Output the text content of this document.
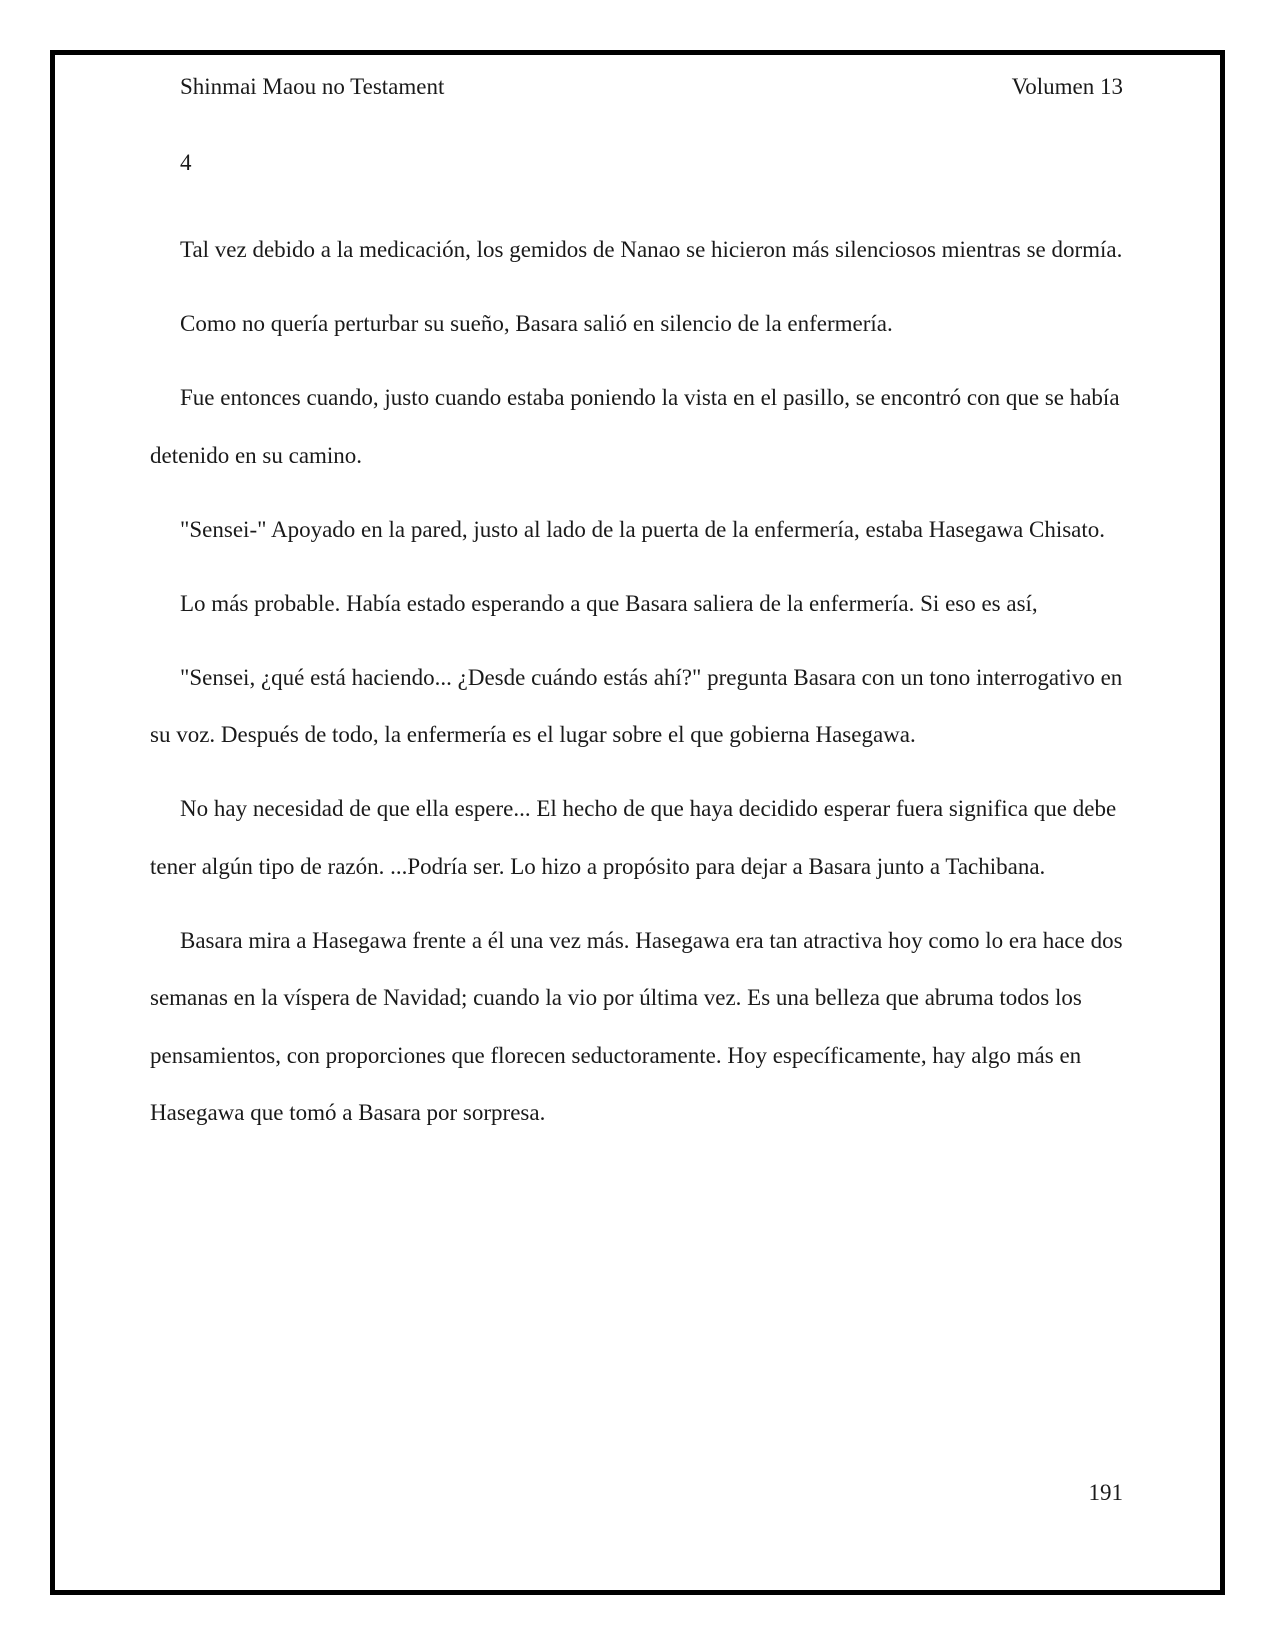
Shinmai Maou no Testament	Volumen 13
4

Tal vez debido a la medicación, los gemidos de Nanao se hicieron más silenciosos mientras se dormía.

Como no quería perturbar su sueño, Basara salió en silencio de la enfermería.

Fue entonces cuando, justo cuando estaba poniendo la vista en el pasillo, se encontró con que se había detenido en su camino.

"Sensei-" Apoyado en la pared, justo al lado de la puerta de la enfermería, estaba Hasegawa Chisato.

Lo más probable. Había estado esperando a que Basara saliera de la enfermería. Si eso es así,

"Sensei, ¿qué está haciendo... ¿Desde cuándo estás ahí?" pregunta Basara con un tono interrogativo en su voz. Después de todo, la enfermería es el lugar sobre el que gobierna Hasegawa.

No hay necesidad de que ella espere... El hecho de que haya decidido esperar fuera significa que debe tener algún tipo de razón. ...Podría ser. Lo hizo a propósito para dejar a Basara junto a Tachibana.

Basara mira a Hasegawa frente a él una vez más. Hasegawa era tan atractiva hoy como lo era hace dos semanas en la víspera de Navidad; cuando la vio por última vez. Es una belleza que abruma todos los pensamientos, con proporciones que florecen seductoramente. Hoy específicamente, hay algo más en Hasegawa que tomó a Basara por sorpresa.

191
